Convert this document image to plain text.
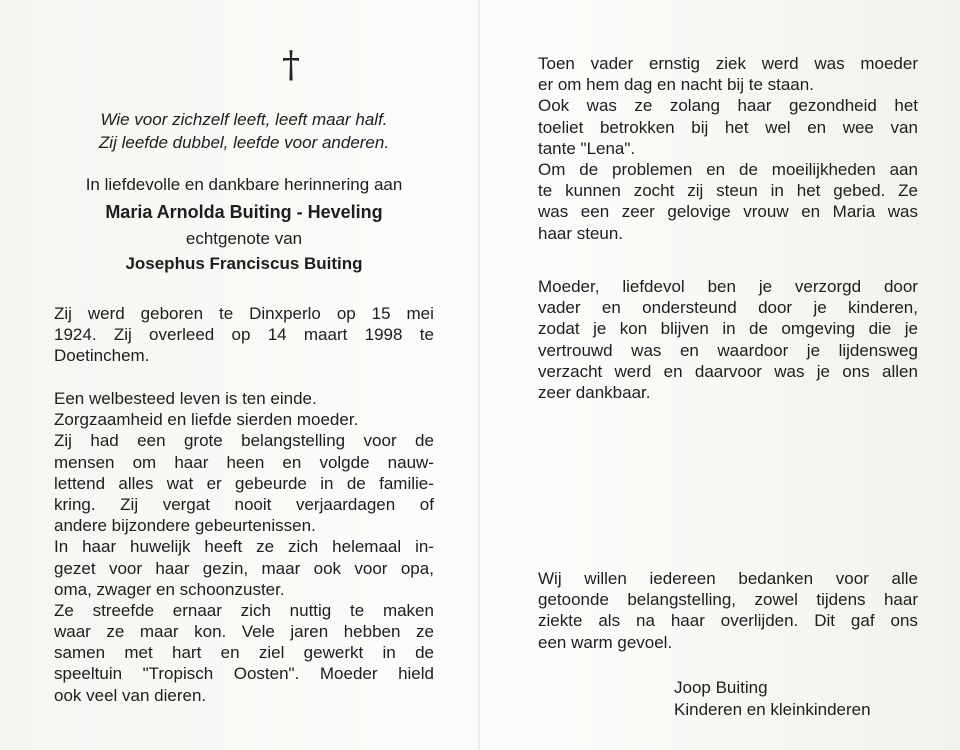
†
Wie voor zichzelf leeft, leeft maar half.
Zij leefde dubbel, leefde voor anderen.
In liefdevolle en dankbare herinnering aan
Maria Arnolda Buiting - Heveling
echtgenote van
Josephus Franciscus Buiting
Zij werd geboren te Dinxperlo op 15 mei
1924. Zij overleed op 14 maart 1998 te
Doetinchem.
Een welbesteed leven is ten einde.
Zorgzaamheid en liefde sierden moeder.
Zij had een grote belangstelling voor de
mensen om haar heen en volgde nauw-
lettend alles wat er gebeurde in de familie-
kring. Zij vergat nooit verjaardagen of
andere bijzondere gebeurtenissen.
In haar huwelijk heeft ze zich helemaal in-
gezet voor haar gezin, maar ook voor opa,
oma, zwager en schoonzuster.
Ze streefde ernaar zich nuttig te maken
waar ze maar kon. Vele jaren hebben ze
samen met hart en ziel gewerkt in de
speeltuin "Tropisch Oosten". Moeder hield
ook veel van dieren.
Toen vader ernstig ziek werd was moeder
er om hem dag en nacht bij te staan.
Ook was ze zolang haar gezondheid het
toeliet betrokken bij het wel en wee van
tante "Lena".
Om de problemen en de moeilijkheden aan
te kunnen zocht zij steun in het gebed. Ze
was een zeer gelovige vrouw en Maria was
haar steun.
Moeder, liefdevol ben je verzorgd door
vader en ondersteund door je kinderen,
zodat je kon blijven in de omgeving die je
vertrouwd was en waardoor je lijdensweg
verzacht werd en daarvoor was je ons allen
zeer dankbaar.
Wij willen iedereen bedanken voor alle
getoonde belangstelling, zowel tijdens haar
ziekte als na haar overlijden. Dit gaf ons
een warm gevoel.
Joop Buiting
Kinderen en kleinkinderen
